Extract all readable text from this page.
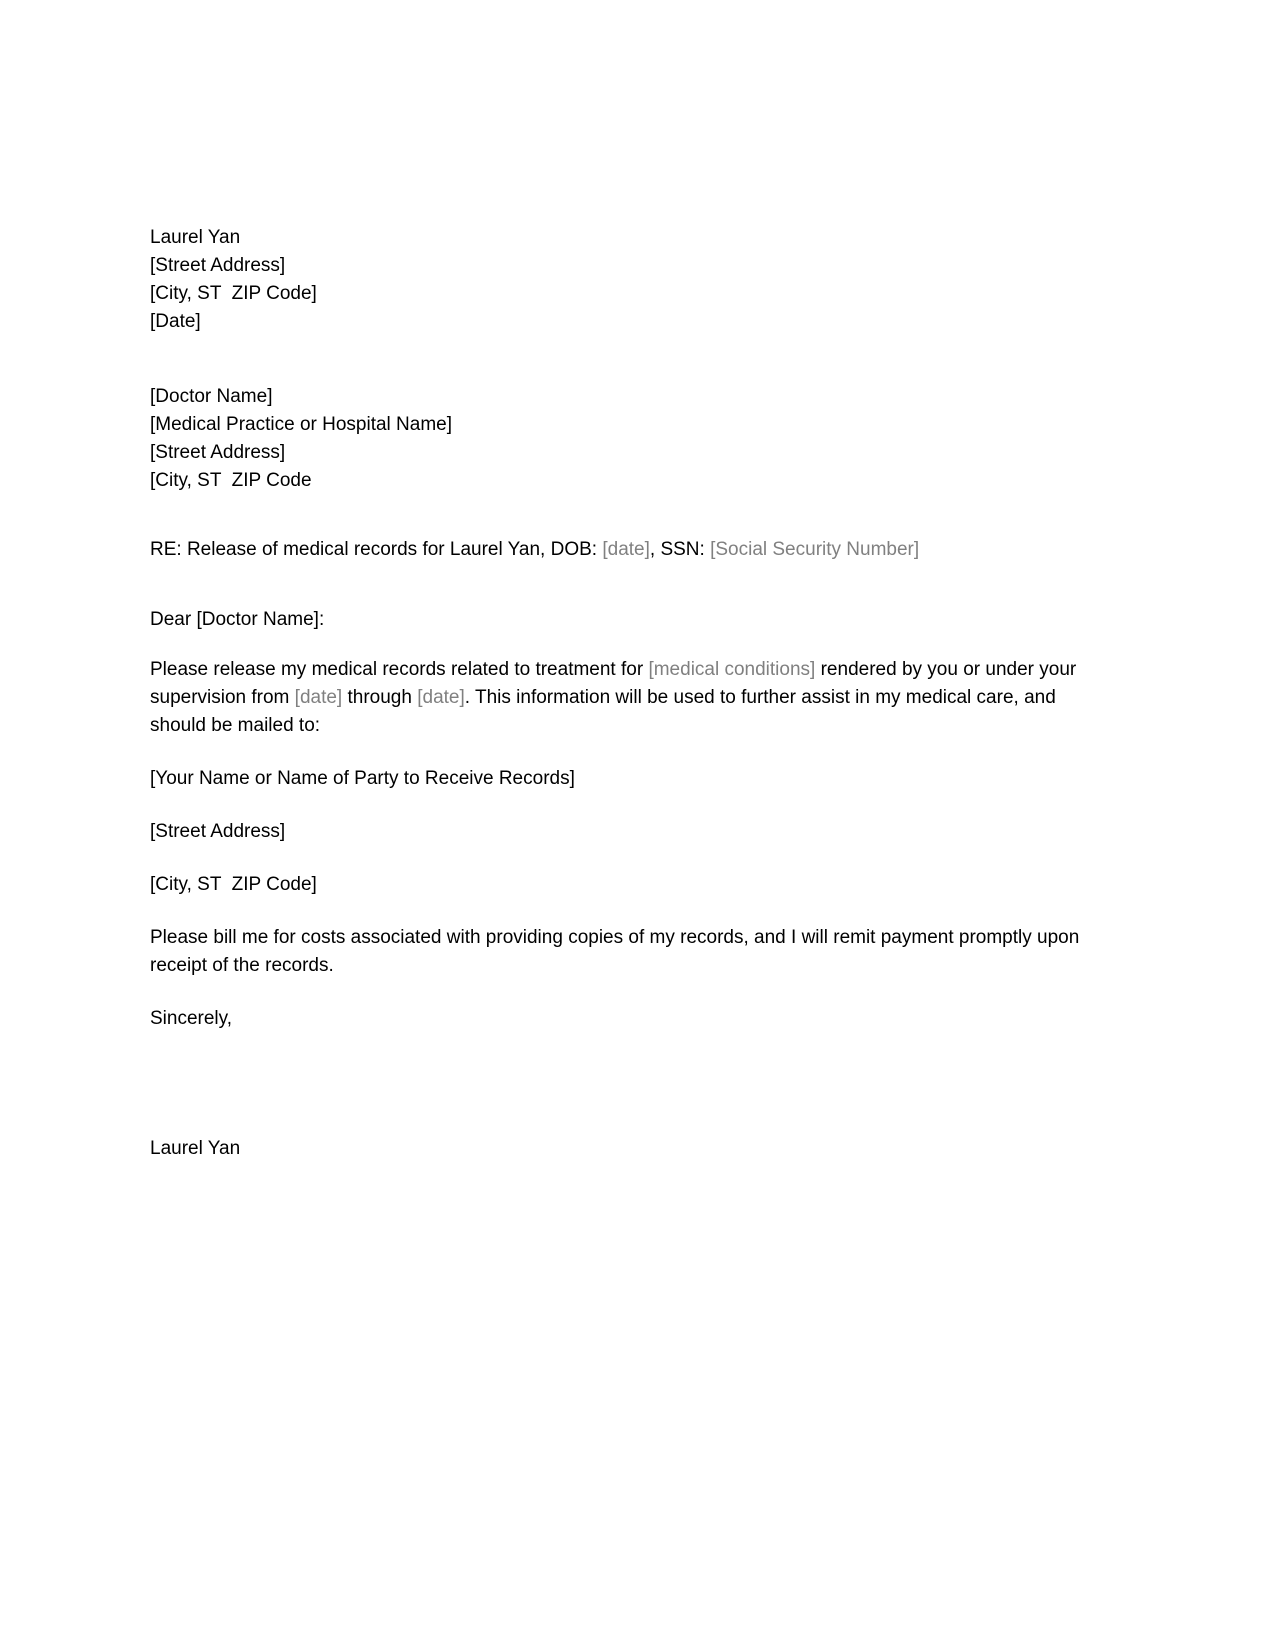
Laurel Yan
[Street Address]
[City, ST  ZIP Code]
[Date]
[Doctor Name]
[Medical Practice or Hospital Name]
[Street Address]
[City, ST  ZIP Code
RE: Release of medical records for Laurel Yan, DOB: [date], SSN: [Social Security Number]
Dear [Doctor Name]:
Please release my medical records related to treatment for [medical conditions] rendered by you or under your supervision from [date] through [date]. This information will be used to further assist in my medical care, and should be mailed to:
[Your Name or Name of Party to Receive Records]
[Street Address]
[City, ST  ZIP Code]
Please bill me for costs associated with providing copies of my records, and I will remit payment promptly upon receipt of the records.
Sincerely,
Laurel Yan
